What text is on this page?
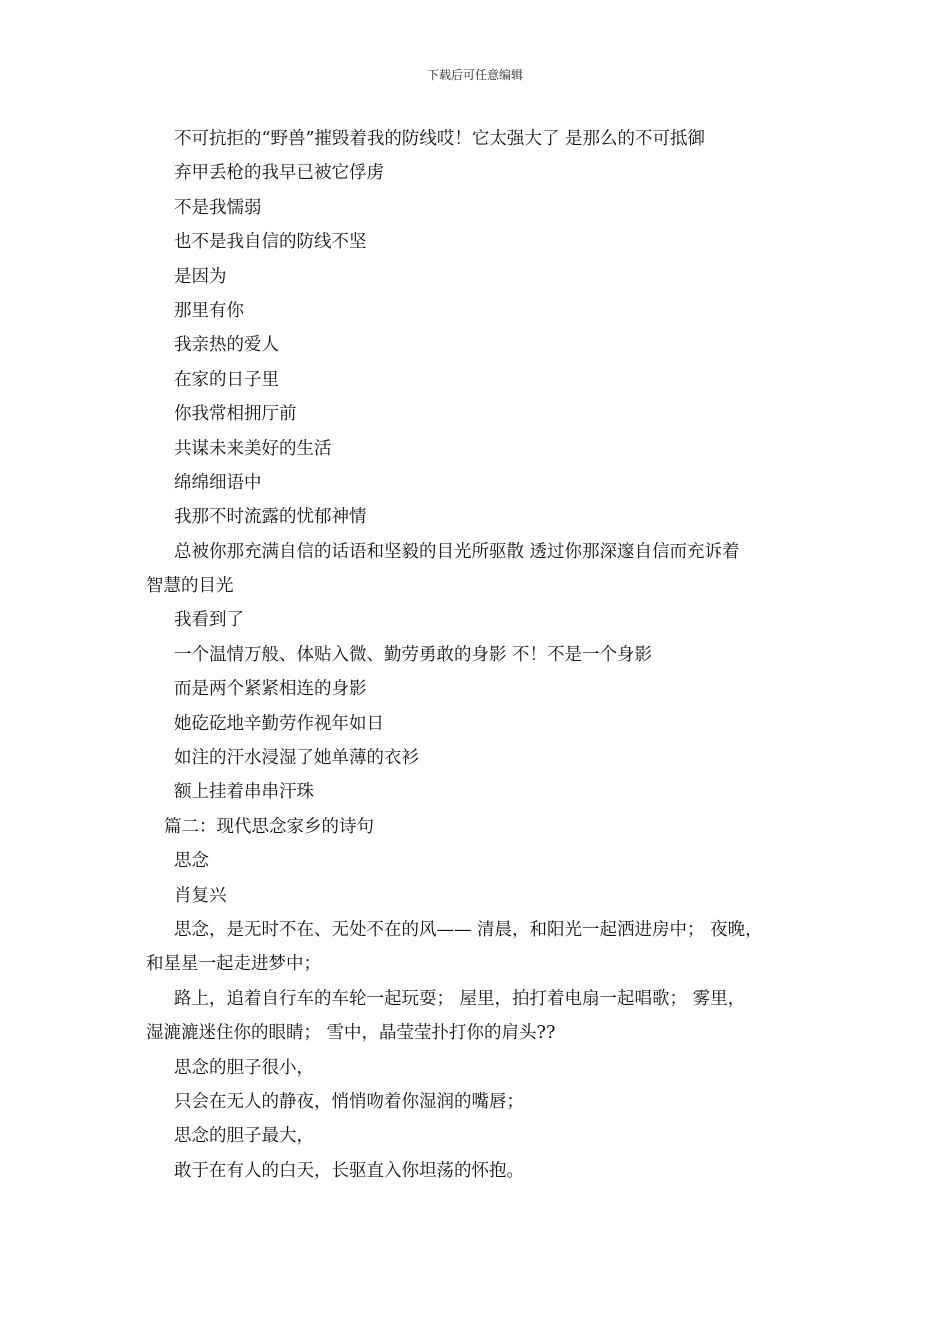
下载后可任意编辑
不可抗拒的“野兽”摧毁着我的防线哎！它太强大了 是那么的不可抵御
弃甲丢枪的我早已被它俘虏
不是我懦弱
也不是我自信的防线不坚
是因为
那里有你
我亲热的爱人
在家的日子里
你我常相拥厅前
共谋未来美好的生活
绵绵细语中
我那不时流露的忧郁神情
总被你那充满自信的话语和坚毅的目光所驱散 透过你那深邃自信而充诉着
智慧的目光
我看到了
一个温情万般、体贴入微、勤劳勇敢的身影 不！不是一个身影
而是两个紧紧相连的身影
她矻矻地辛勤劳作视年如日
如注的汗水浸湿了她单薄的衣衫
额上挂着串串汗珠
篇二：现代思念家乡的诗句
思念
肖复兴
思念，是无时不在、无处不在的风—— 清晨，和阳光一起洒进房中； 夜晚，
和星星一起走进梦中；
路上，追着自行车的车轮一起玩耍； 屋里，拍打着电扇一起唱歌； 雾里，
湿漉漉迷住你的眼睛； 雪中，晶莹莹扑打你的肩头??
思念的胆子很小，
只会在无人的静夜，悄悄吻着你湿润的嘴唇；
思念的胆子最大，
敢于在有人的白天，长驱直入你坦荡的怀抱。
